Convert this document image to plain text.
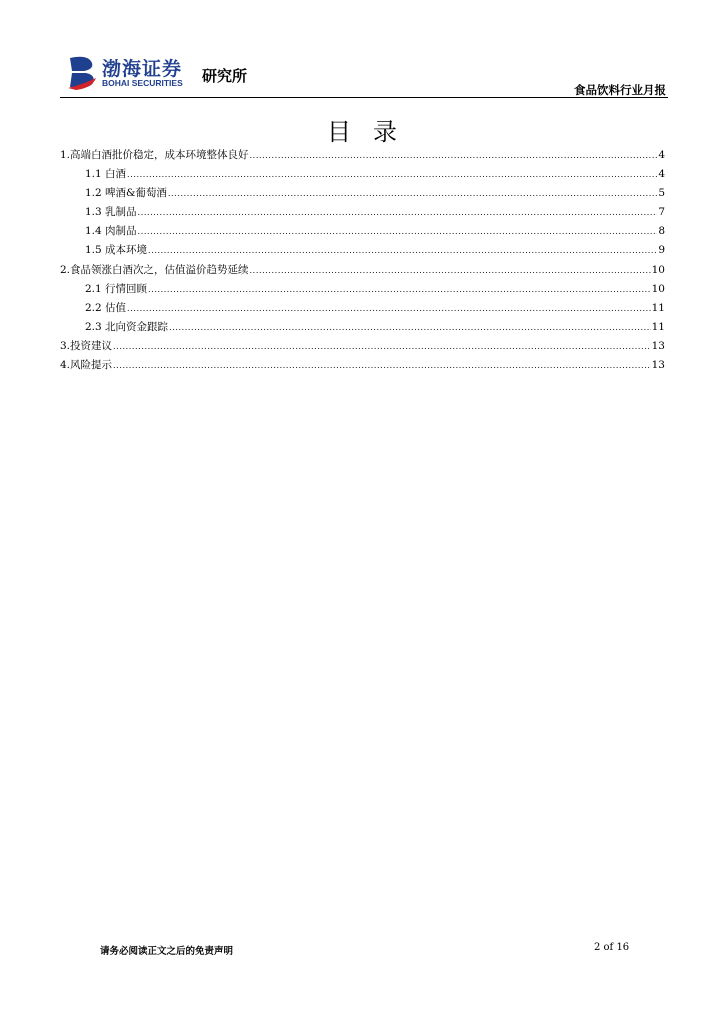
渤海证券
BOHAI SECURITIES 研究所
食品饮料行业月报
目录
1.高端白酒批价稳定，成本环境整体良好 .....	4
1.1 白酒 .....	4
1.2 啤酒&葡萄酒 .....	5
1.3 乳制品 .....	7
1.4 肉制品 .....	8
1.5 成本环境 .....	9
2.食品领涨白酒次之，估值溢价趋势延续 .....	10
2.1 行情回顾 .....	10
2.2 估值 .....	11
2.3 北向资金跟踪 .....	11
3.投资建议 .....	13
4.风险提示 .....	13
请务必阅读正文之后的免责声明	2 of 16
